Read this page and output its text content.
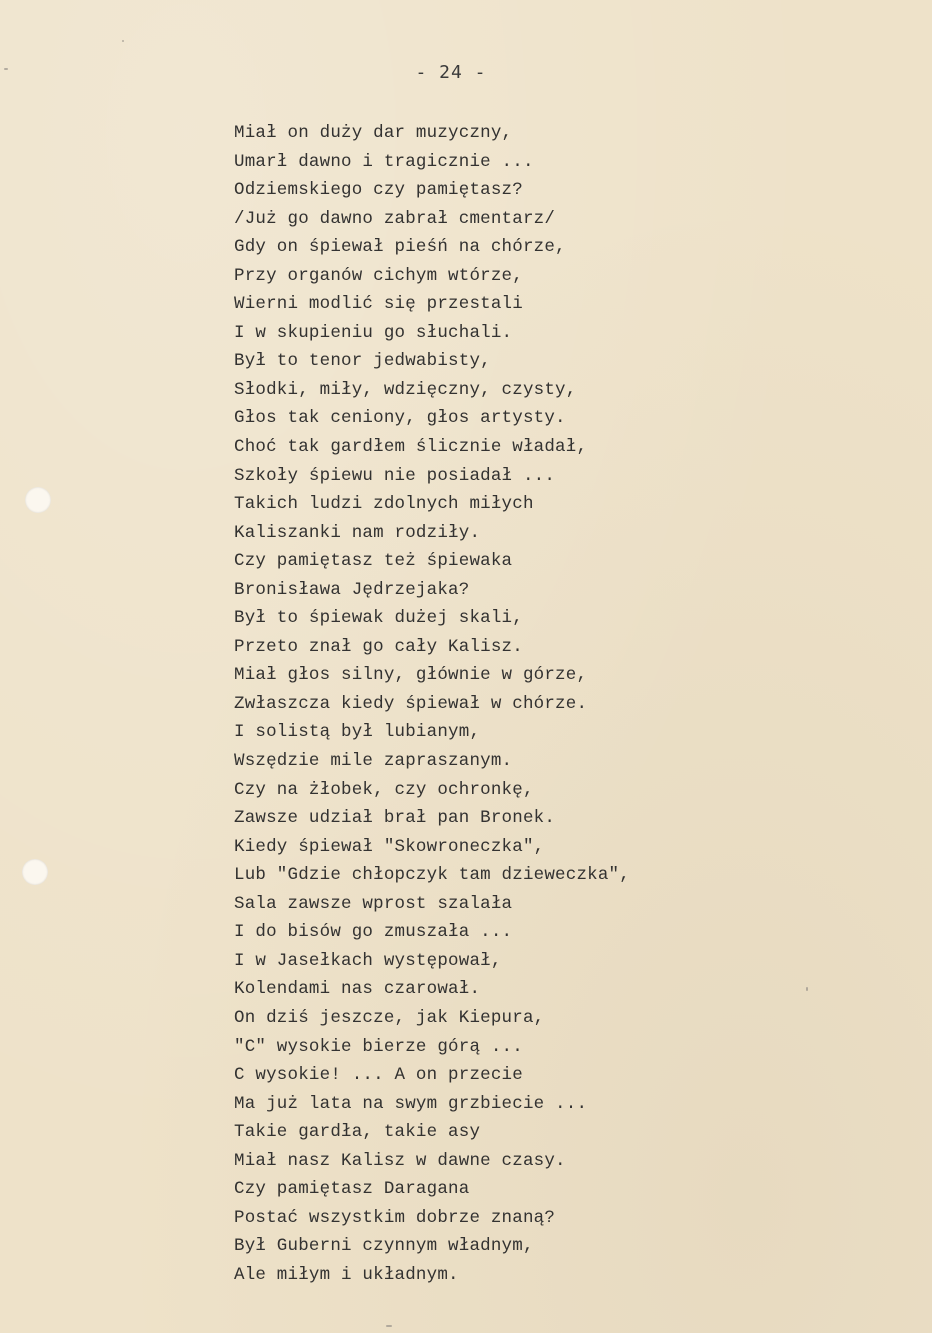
- 24 -
Miał on duży dar muzyczny,
Umarł dawno i tragicznie ...
Odziemskiego czy pamiętasz?
/Już go dawno zabrał cmentarz/
Gdy on śpiewał pieśń na chórze,
Przy organów cichym wtórze,
Wierni modlić się przestali
I w skupieniu go słuchali.
Był to tenor jedwabisty,
Słodki, miły, wdzięczny, czysty,
Głos tak ceniony, głos artysty.
Choć tak gardłem ślicznie władał,
Szkoły śpiewu nie posiadał ...
Takich ludzi zdolnych miłych
Kaliszanki nam rodziły.
Czy pamiętasz też śpiewaka
Bronisława Jędrzejaka?
Był to śpiewak dużej skali,
Przeto znał go cały Kalisz.
Miał głos silny, głównie w górze,
Zwłaszcza kiedy śpiewał w chórze.
I solistą był lubianym,
Wszędzie mile zapraszanym.
Czy na żłobek, czy ochronkę,
Zawsze udział brał pan Bronek.
Kiedy śpiewał "Skowroneczka",
Lub "Gdzie chłopczyk tam dzieweczka",
Sala zawsze wprost szalała
I do bisów go zmuszała ...
I w Jasełkach występował,
Kolendami nas czarował.
On dziś jeszcze, jak Kiepura,
"C" wysokie bierze górą ...
C wysokie! ... A on przecie
Ma już lata na swym grzbiecie ...
Takie gardła, takie asy
Miał nasz Kalisz w dawne czasy.
Czy pamiętasz Daragana
Postać wszystkim dobrze znaną?
Był Guberni czynnym władnym,
Ale miłym i układnym.
